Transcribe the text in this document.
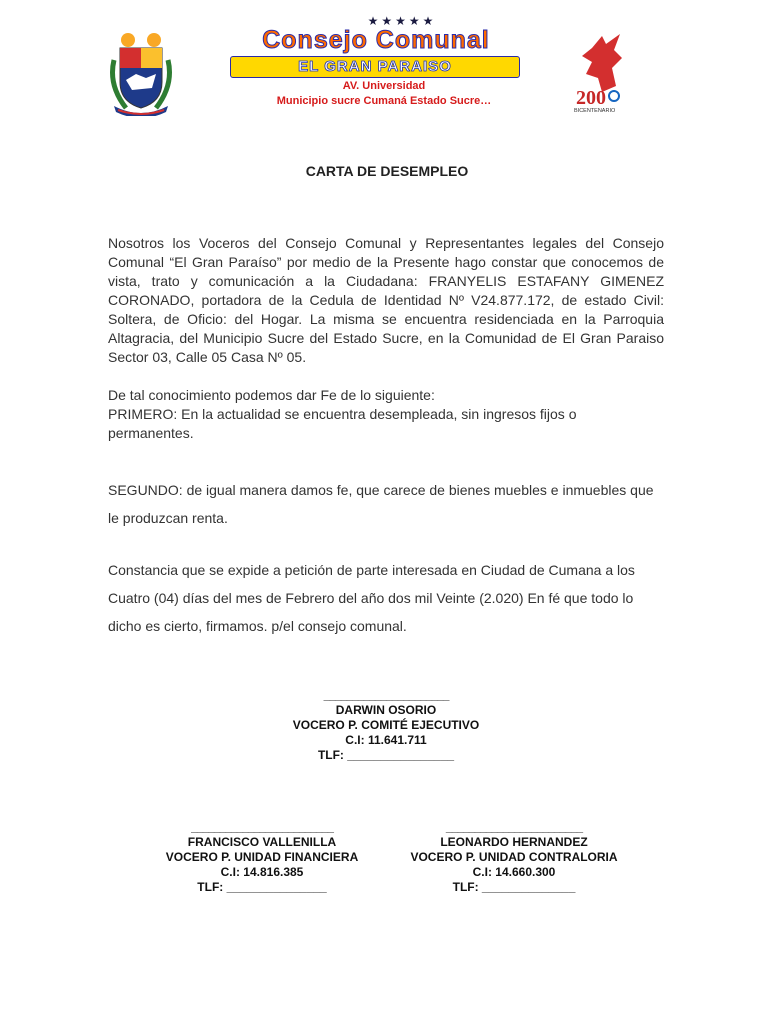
★★★★★
Consejo Comunal
EL GRAN PARAISO
AV. Universidad
Municipio sucre Cumaná Estado Sucre…	200
BICENTENARIO
CARTA DE DESEMPLEO
Nosotros los Voceros del Consejo Comunal y Representantes legales del Consejo Comunal “El Gran Paraíso” por medio de la Presente hago constar que conocemos de vista, trato y comunicación a la Ciudadana: FRANYELIS ESTAFANY GIMENEZ CORONADO, portadora de la Cedula de Identidad Nº V24.877.172, de estado Civil: Soltera, de Oficio: del Hogar. La misma se encuentra residenciada en la Parroquia Altagracia, del Municipio Sucre del Estado Sucre, en la Comunidad de El Gran Paraiso Sector 03, Calle 05 Casa Nº 05.
De tal conocimiento podemos dar Fe de lo siguiente:
PRIMERO: En la actualidad se encuentra desempleada, sin ingresos fijos o permanentes.
SEGUNDO: de igual manera damos fe, que carece de bienes muebles e inmuebles que le produzcan renta.
Constancia que se expide a petición de parte interesada en Ciudad de Cumana a los Cuatro (04) días del mes de Febrero del año dos mil Veinte (2.020) En fé que todo lo dicho es cierto, firmamos. p/el consejo comunal.
______________________
DARWIN OSORIO
VOCERO P. COMITÉ EJECUTIVO
C.I: 11.641.711
TLF: ________________
_________________________
FRANCISCO VALLENILLA
VOCERO P. UNIDAD FINANCIERA
C.I: 14.816.385
TLF: _______________
________________________
LEONARDO HERNANDEZ
VOCERO P. UNIDAD CONTRALORIA
C.I: 14.660.300
TLF: ______________
